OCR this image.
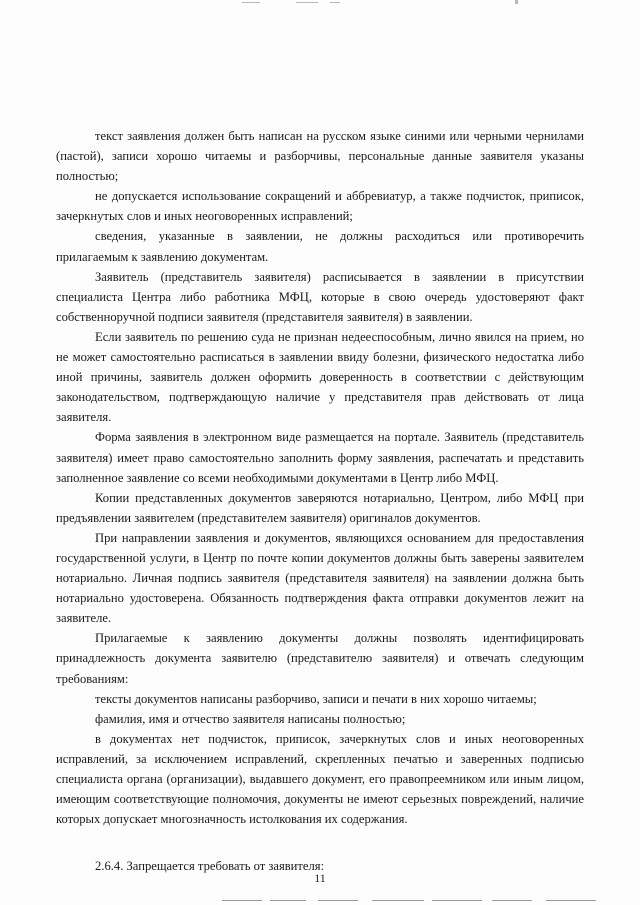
текст заявления должен быть написан на русском языке синими или черными чернилами (пастой), записи хорошо читаемы и разборчивы, персональные данные заявителя указаны полностью;

не допускается использование сокращений и аббревиатур, а также подчисток, приписок, зачеркнутых слов и иных неоговоренных исправлений;

сведения, указанные в заявлении, не должны расходиться или противоречить прилагаемым к заявлению документам.

Заявитель (представитель заявителя) расписывается в заявлении в присутствии специалиста Центра либо работника МФЦ, которые в свою очередь удостоверяют факт собственноручной подписи заявителя (представителя заявителя) в заявлении.

Если заявитель по решению суда не признан недееспособным, лично явился на прием, но не может самостоятельно расписаться в заявлении ввиду болезни, физического недостатка либо иной причины, заявитель должен оформить доверенность в соответствии с действующим законодательством, подтверждающую наличие у представителя прав действовать от лица заявителя.

Форма заявления в электронном виде размещается на портале. Заявитель (представитель заявителя) имеет право самостоятельно заполнить форму заявления, распечатать и представить заполненное заявление со всеми необходимыми документами в Центр либо МФЦ.

Копии представленных документов заверяются нотариально, Центром, либо МФЦ при предъявлении заявителем (представителем заявителя) оригиналов документов.

При направлении заявления и документов, являющихся основанием для предоставления государственной услуги, в Центр по почте копии документов должны быть заверены заявителем нотариально. Личная подпись заявителя (представителя заявителя) на заявлении должна быть нотариально удостоверена. Обязанность подтверждения факта отправки документов лежит на заявителе.

Прилагаемые к заявлению документы должны позволять идентифицировать принадлежность документа заявителю (представителю заявителя) и отвечать следующим требованиям:

тексты документов написаны разборчиво, записи и печати в них хорошо читаемы;

фамилия, имя и отчество заявителя написаны полностью;

в документах нет подчисток, приписок, зачеркнутых слов и иных неоговоренных исправлений, за исключением исправлений, скрепленных печатью и заверенных подписью специалиста органа (организации), выдавшего документ, его правопреемником или иным лицом, имеющим соответствующие полномочия, документы не имеют серьезных повреждений, наличие которых допускает многозначность истолкования их содержания.

2.6.4. Запрещается требовать от заявителя:

11
